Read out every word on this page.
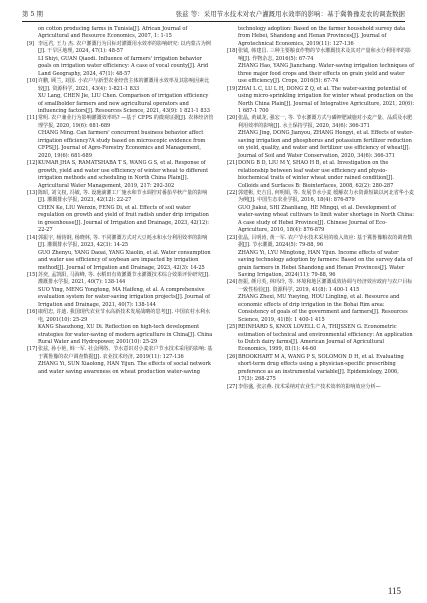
第 5 期	张兹 等：采用节水技术对农户灌溉用水效率的影响：基于冀鲁豫麦农的调查数据
on cotton producing farms in Tunisia[J]. African Journal of Agricultural and Resource Economics, 2007, 1: 1-15
[9] 李远君, 王力 杰. 农户灌溉行为目标对灌溉用水效率的影响研究: 以内蒙古为例[J]. 干旱区地理, 2024, 47(1): 48-57
LI Shiyi, GUAN Qiaodi. Influence of farmers' irrigation behavior goals on irrigation water efficiency: A case of vocal county[J]. Arid Land Geography, 2024, 47(1): 48-57
[10] 许鹏, 顾兰, 刘国. 小农户与新型农业经营主体的灌溉用水效率及其影响因素比较[J]. 资源科学, 2021, 43(4): 1-821-1 833
XU Lang, CHEN Jie, LIU Chen. Comparison of irrigation efficiency of smallholder farmers and new agricultural operators and influencing factors[J]. Resources Science, 2021, 43(9): 1 821-1 833
[11] 常明. 农户兼业行为影响灌溉效率吗? —基于 CFPS 的微观证据[J]. 农林经济管理学报, 2020, 19(6): 681-689
CHANG Ming. Can farmers' concurrent business behavior affect irrigation efficiency?A study based on microscopic evidence from CFPS[J]. Journal of Agro-Forestry Economics and Management, 2020, 19(6): 681-689
[12] KUMAR JHA S, RAMATSHABA T S, WANG G S, et al. Response of growth, yield and water use efficiency of winter wheat to different irrigation methods and scheduling in North China Plain[J]. Agricultural Water Management, 2019, 217: 292-302
[13] 陈昭, 刘文权, 冯敏, 等. 设施滴灌工厂施水和节水调控对番茄早秋产量的影响[J]. 灌溉排水学报, 2023, 42(12): 22-27
CHEN Ke, LIU Wenxin, FENG Di, et al. Effects of soil water regulation on growth and yield of fruit radish under drip irrigation in greenhouse[J]. Journal of Irrigation and Drainage, 2023, 42(12): 22-27
[14] 郭振宇, 杨钧钢, 杨晓林, 等. 不同灌溉方式对大豆耗水和水分利用效率的影响[J]. 灌溉排水学报, 2023, 42(3): 14-25
GUO Zhenyu, YANG Daoai, YANG Xiaolin, et al. Water consumption and water use efficiency of soybean are impacted by irrigation method[J]. Journal of Irrigation and Drainage, 2023, 42(3): 14-25
[15] 苏奕, 孟凯阳, 马海峰, 等. 水稻田有效灌溉节水灌溉技术综合效果评价研究[J]. 灌溉排水学报, 2021, 40(7): 138-144
SUO Ying, MENG Yongtong, MA Haifeng, et al. A comprehensive evaluation system for water-saving irrigation projects[J]. Journal of Irrigation and Drainage, 2021, 40(7): 138-144
[16] 康绍忠, 许迪. 我国现代农业节水高新技术发展战略的思考[J]. 中国农村水利水电, 2001(10): 25-29
KANG Shaozhong, XU Di. Reflection on high-tech development strategies for water-saving of modern agriculture in China[J]. China Rural Water and Hydropower, 2001(10): 25-29
[17] 张兹, 孙小艳, 韩一军. 社会网络、节水意识对小麦农户节水技术采用的影响: 基于冀鲁豫的农户调查数据[J]. 农业技术经济, 2019(11): 127-136
ZHANG Yi, SUN Xiaolong, HAN Yijun. The effects of social network and water saving awareness on wheat production water-saving
technology adoption: Based on the farmer household survey data from Hebei, Shandong and Henan Provinces[J]. Journal of Agrotechnical Economics, 2019(11): 127-136
[18] 张钺, 韩建昌. 三种主要粮食作物的节水灌溉技术及其对产量和水分利用率的影响[J]. 作物杂志, 2016(5): 67-74
ZHANG Hao, YANG Jianchang. Water-saving irrigation techniques of three major food crops and their effects on grain yield and water use efficiency[J]. Crops, 2016(5): 67-74
[19] ZHAI L C, LU L H, DONG Z Q, et al. The water-saving potential of using micro-sprinkling irrigation for winter wheat production on the North China Plain[J]. Journal of Integrative Agriculture, 2021, 20(6): 1 687-1 700
[20] 张晶, 黄斌龙, 强宏一, 等. 节水灌溉方式与磷钾肥减施对小麦产量、品质及水肥利用效率的影响[J]. 水土保持学报, 2020, 34(6): 366-371
ZHANG Jing, DONG Jianyou, ZHANG Hongyi, et al. Effects of water-saving irrigation and phosphorus and potassium fertilizer reduction on yield, quality, and water and fertilizer use efficiency of wheat[J]. Journal of Soil and Water Conservation, 2020, 34(6): 366-371
[21] DONG B D, LIU M Y, SHAO H B, et al. Investigation on the relationship between leaf water use efficiency and physio-biochemical traits of winter wheat under rained condition[J]. Colloids and Surfaces B: Biointerfaces, 2008, 62(2): 280-287
[22] 郭建彬, 史吉昌, 何明娟, 等. 发展节水小麦 缓解农力水资源短缺以河北省华小麦为例[J]. 中国生态农业学报, 2016, 18(4): 876-879
GUO Jiakui, SHI Zhanliang, HE Mingqi, et al. Development of water-saving wheat cultivars to limit water shortage in North China: A case study of Hebei Province[J]. Chinese Journal of Eco-Agriculture, 2010, 18(4): 876-879
[23] 张晶, 吕明涛, 黄一军. 农户节水技术采用的收入效应: 基于冀鲁豫粮农的调查数据[J]. 节水灌溉, 2024(5): 79-88, 96
ZHANG Yi, LYU Mingtong, HAN Yijun. Income effects of water saving technology adoption by farmers: Based on the survey data of grain farmers in Hebei Shandong and Henan Provinces[J]. Water Saving Irrigation, 2024(11): 79-88, 96
[24] 詹振, 颜月英, 林玛玲, 等. 环境和地区灌溉成效协调与经济效应政府与农户目标一致性检验[J]. 资源科学, 2019, 41(8): 1 400-1 415
ZHANG Zhexi, MU Yueying, HOU Lingling, et al. Resource and economic effects of drip irrigation in the Bohai Rim area: Consistency of goals of the government and farmers[J]. Resources Science, 2019, 41(8): 1 400-1 415
[25] REINHARD S, KNOX LOVELL C A, THIJSSEN G. Econometric estimation of technical and environmental efficiency: An application to Dutch dairy farms[J]. American Journal of Agricultural Economics, 1999, 81(1): 44-60
[26] BROOKHART M A, WANG P S, SOLOMON D H, et al. Evaluating short-term drug effects using a physician-specific prescribing preference as an instrumental variable[J]. Epidemiology, 2006, 17(3): 268-275
[27] 李俗盛, 张宗燕. 技术采纳对农业生产技术效率的影响效应分析—
115
